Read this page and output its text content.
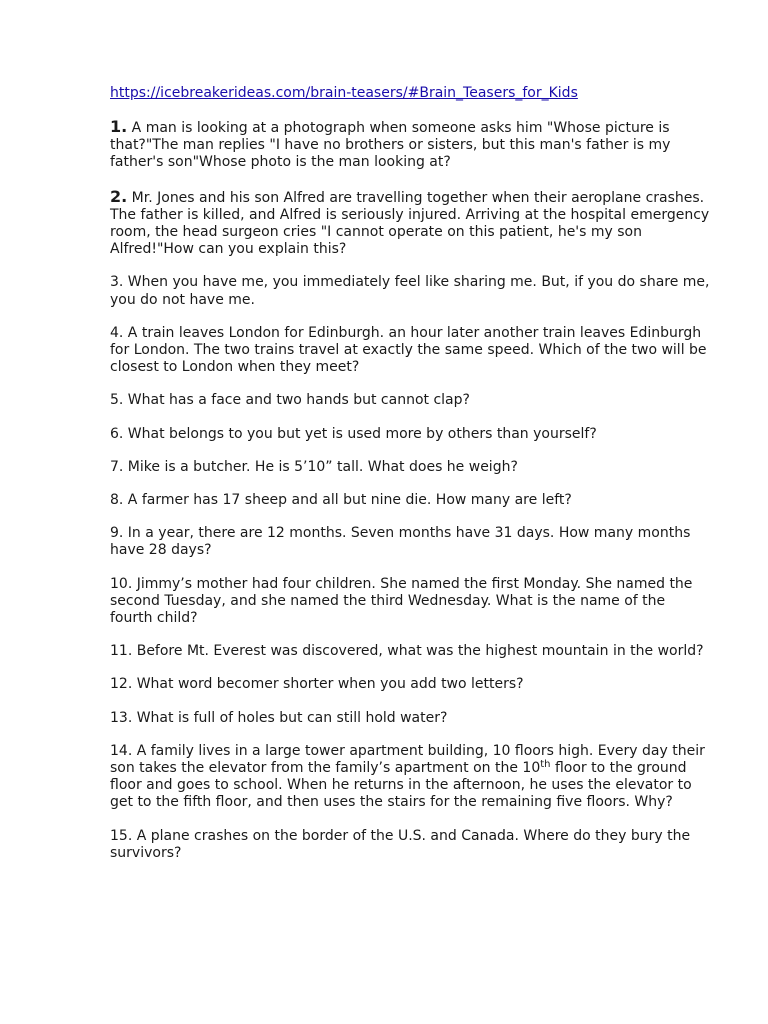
https://icebreakerideas.com/brain-teasers/#Brain_Teasers_for_Kids

1. A man is looking at a photograph when someone asks him "Whose picture is that?"The man replies "I have no brothers or sisters, but this man's father is my father's son"Whose photo is the man looking at?

2. Mr. Jones and his son Alfred are travelling together when their aeroplane crashes. The father is killed, and Alfred is seriously injured. Arriving at the hospital emergency room, the head surgeon cries "I cannot operate on this patient, he's my son Alfred!"How can you explain this?

3. When you have me, you immediately feel like sharing me. But, if you do share me, you do not have me.

4. A train leaves London for Edinburgh. an hour later another train leaves Edinburgh for London. The two trains travel at exactly the same speed. Which of the two will be closest to London when they meet?

5. What has a face and two hands but cannot clap?

6. What belongs to you but yet is used more by others than yourself?

7. Mike is a butcher. He is 5’10” tall. What does he weigh?

8. A farmer has 17 sheep and all but nine die. How many are left?

9. In a year, there are 12 months. Seven months have 31 days. How many months have 28 days?

10. Jimmy’s mother had four children. She named the first Monday. She named the second Tuesday, and she named the third Wednesday. What is the name of the fourth child?

11. Before Mt. Everest was discovered, what was the highest mountain in the world?

12. What word becomer shorter when you add two letters?

13. What is full of holes but can still hold water?

14. A family lives in a large tower apartment building, 10 floors high. Every day their son takes the elevator from the family’s apartment on the 10th floor to the ground floor and goes to school. When he returns in the afternoon, he uses the elevator to get to the fifth floor, and then uses the stairs for the remaining five floors. Why?

15. A plane crashes on the border of the U.S. and Canada. Where do they bury the survivors?
